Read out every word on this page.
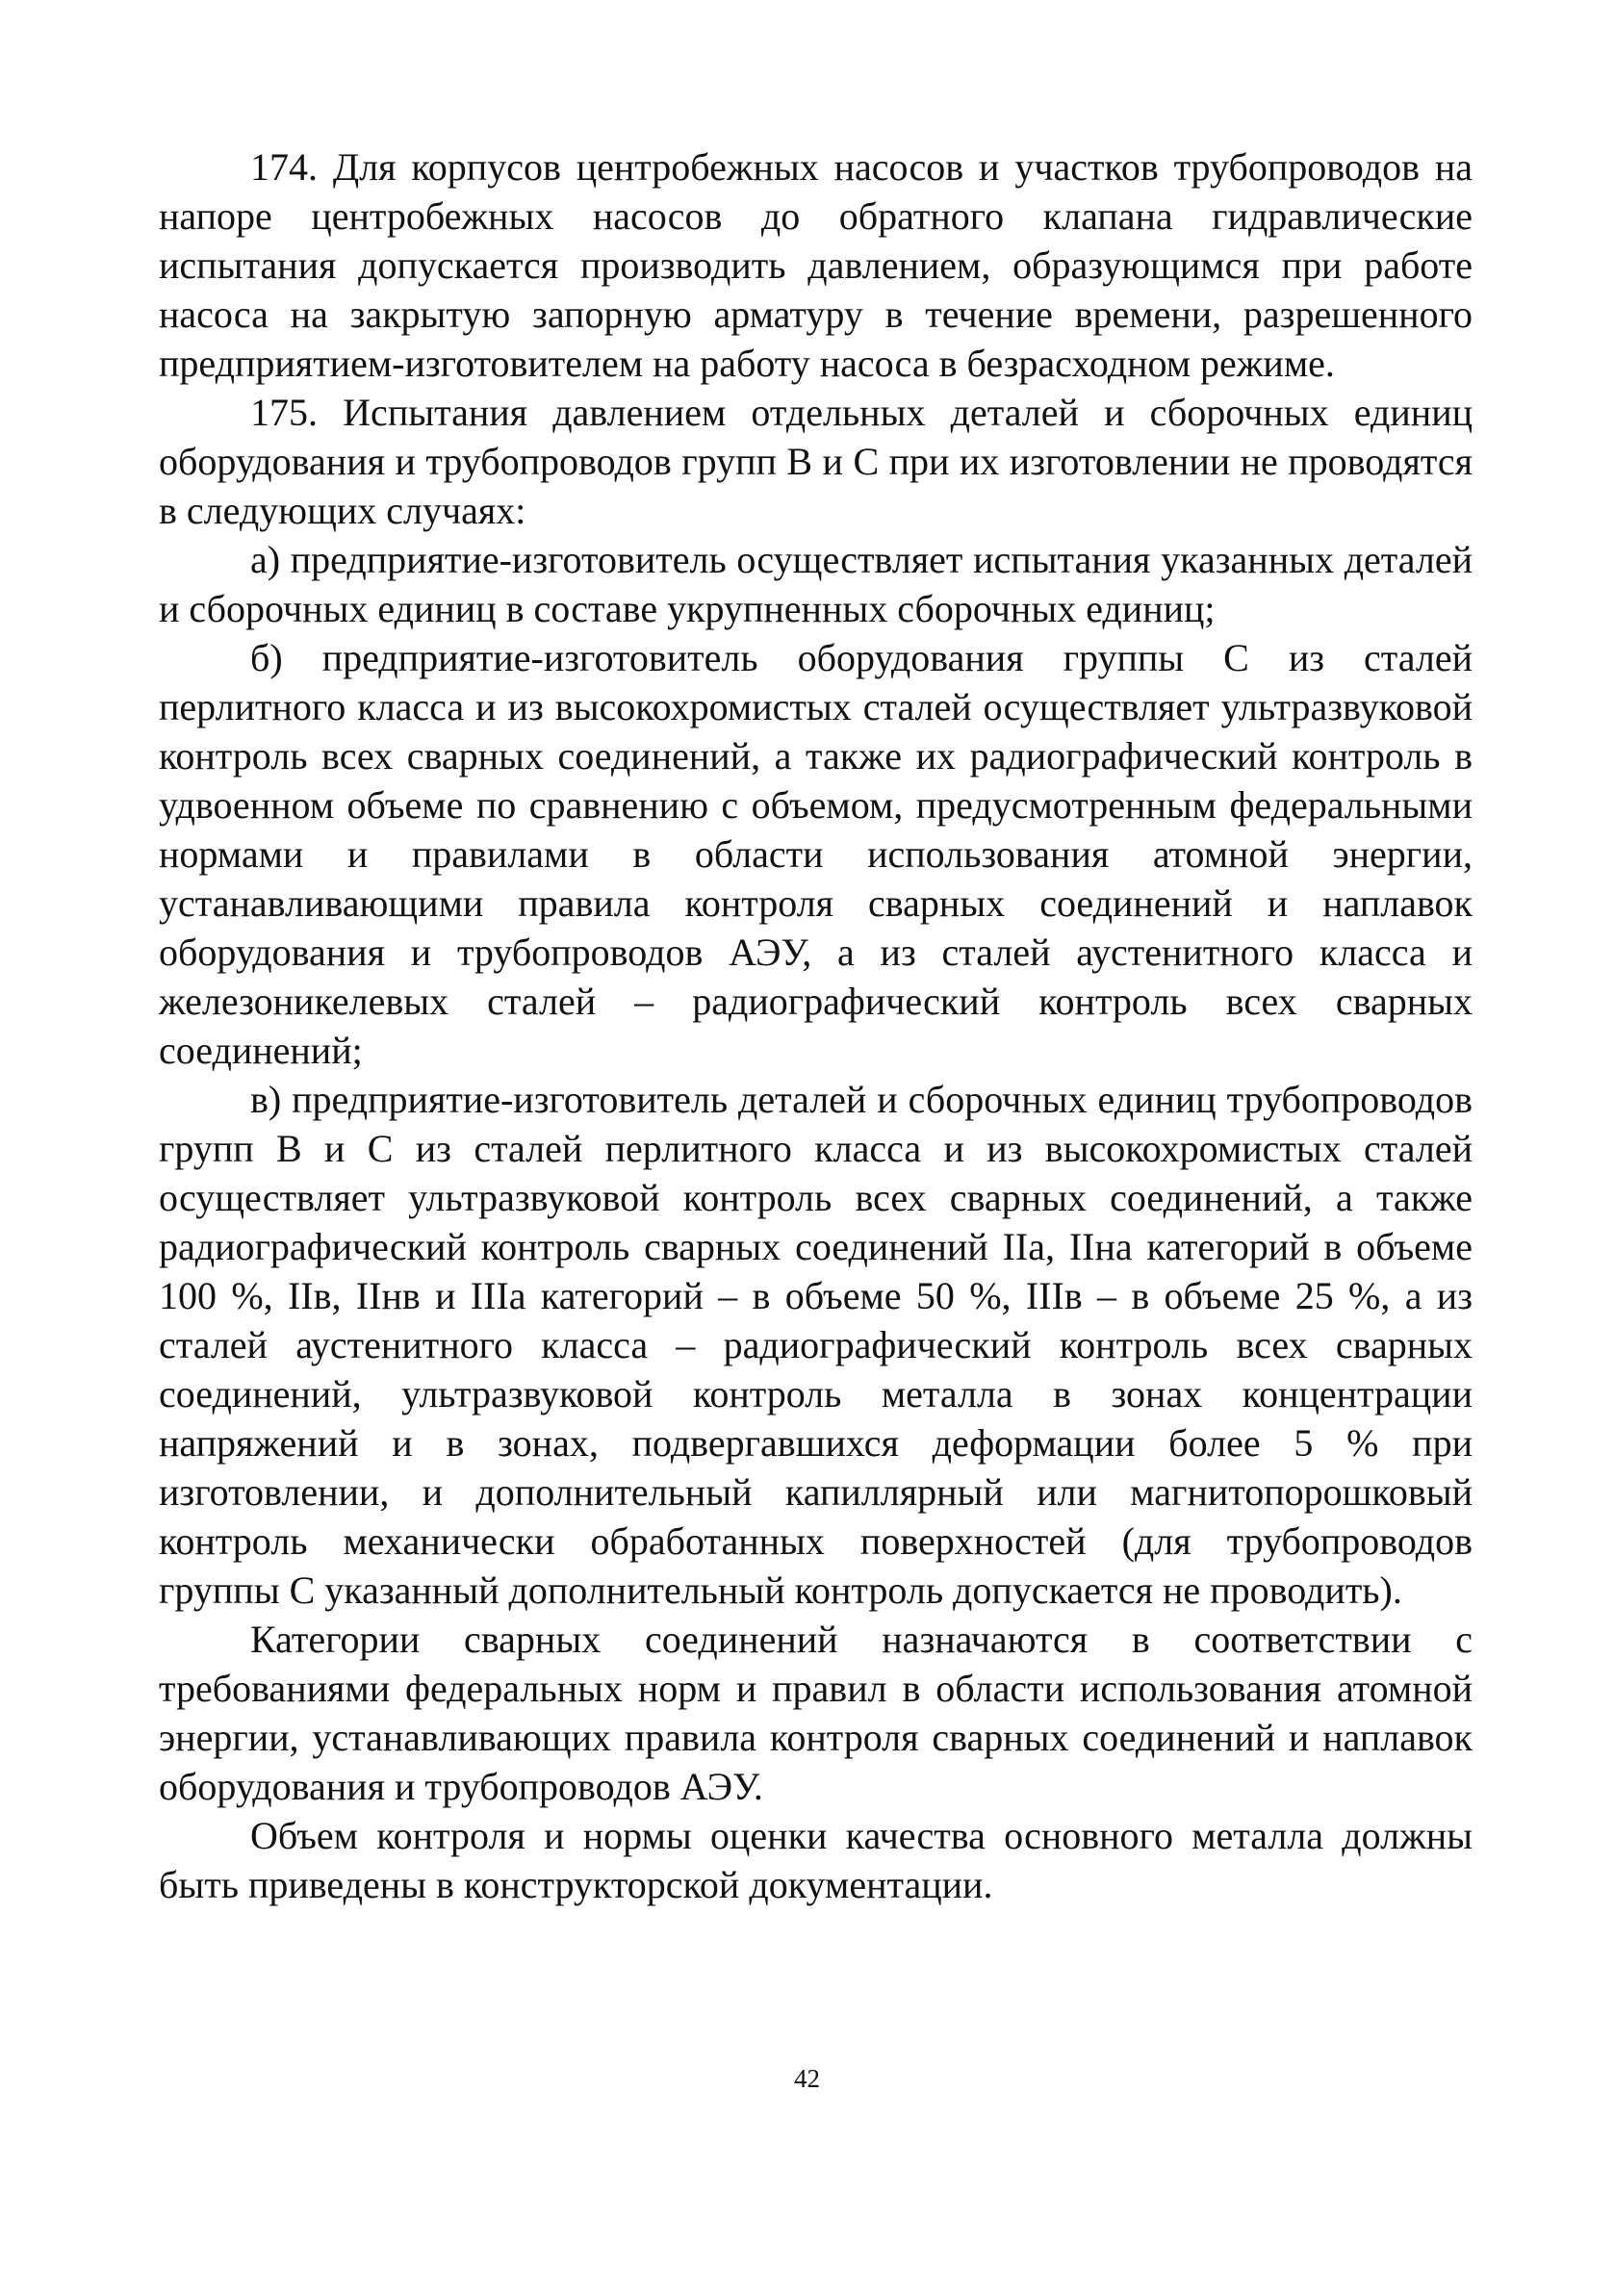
174. Для корпусов центробежных насосов и участков трубопроводов на напоре центробежных насосов до обратного клапана гидравлические испытания допускается производить давлением, образующимся при работе насоса на закрытую запорную арматуру в течение времени, разрешенного предприятием-изготовителем на работу насоса в безрасходном режиме.

175. Испытания давлением отдельных деталей и сборочных единиц оборудования и трубопроводов групп B и C при их изготовлении не проводятся в следующих случаях:

а) предприятие-изготовитель осуществляет испытания указанных деталей и сборочных единиц в составе укрупненных сборочных единиц;

б) предприятие-изготовитель оборудования группы C из сталей перлитного класса и из высокохромистых сталей осуществляет ультразвуковой контроль всех сварных соединений, а также их радиографический контроль в удвоенном объеме по сравнению с объемом, предусмотренным федеральными нормами и правилами в области использования атомной энергии, устанавливающими правила контроля сварных соединений и наплавок оборудования и трубопроводов АЭУ, а из сталей аустенитного класса и железоникелевых сталей – радиографический контроль всех сварных соединений;

в) предприятие-изготовитель деталей и сборочных единиц трубопроводов групп B и C из сталей перлитного класса и из высокохромистых сталей осуществляет ультразвуковой контроль всех сварных соединений, а также радиографический контроль сварных соединений IIа, IIна категорий в объеме 100 %, IIв, IIнв и IIIа категорий – в объеме 50 %, IIIв – в объеме 25 %, а из сталей аустенитного класса – радиографический контроль всех сварных соединений, ультразвуковой контроль металла в зонах концентрации напряжений и в зонах, подвергавшихся деформации более 5 % при изготовлении, и дополнительный капиллярный или магнитопорошковый контроль механически обработанных поверхностей (для трубопроводов группы C указанный дополнительный контроль допускается не проводить).

Категории сварных соединений назначаются в соответствии с требованиями федеральных норм и правил в области использования атомной энергии, устанавливающих правила контроля сварных соединений и наплавок оборудования и трубопроводов АЭУ.

Объем контроля и нормы оценки качества основного металла должны быть приведены в конструкторской документации.

42
